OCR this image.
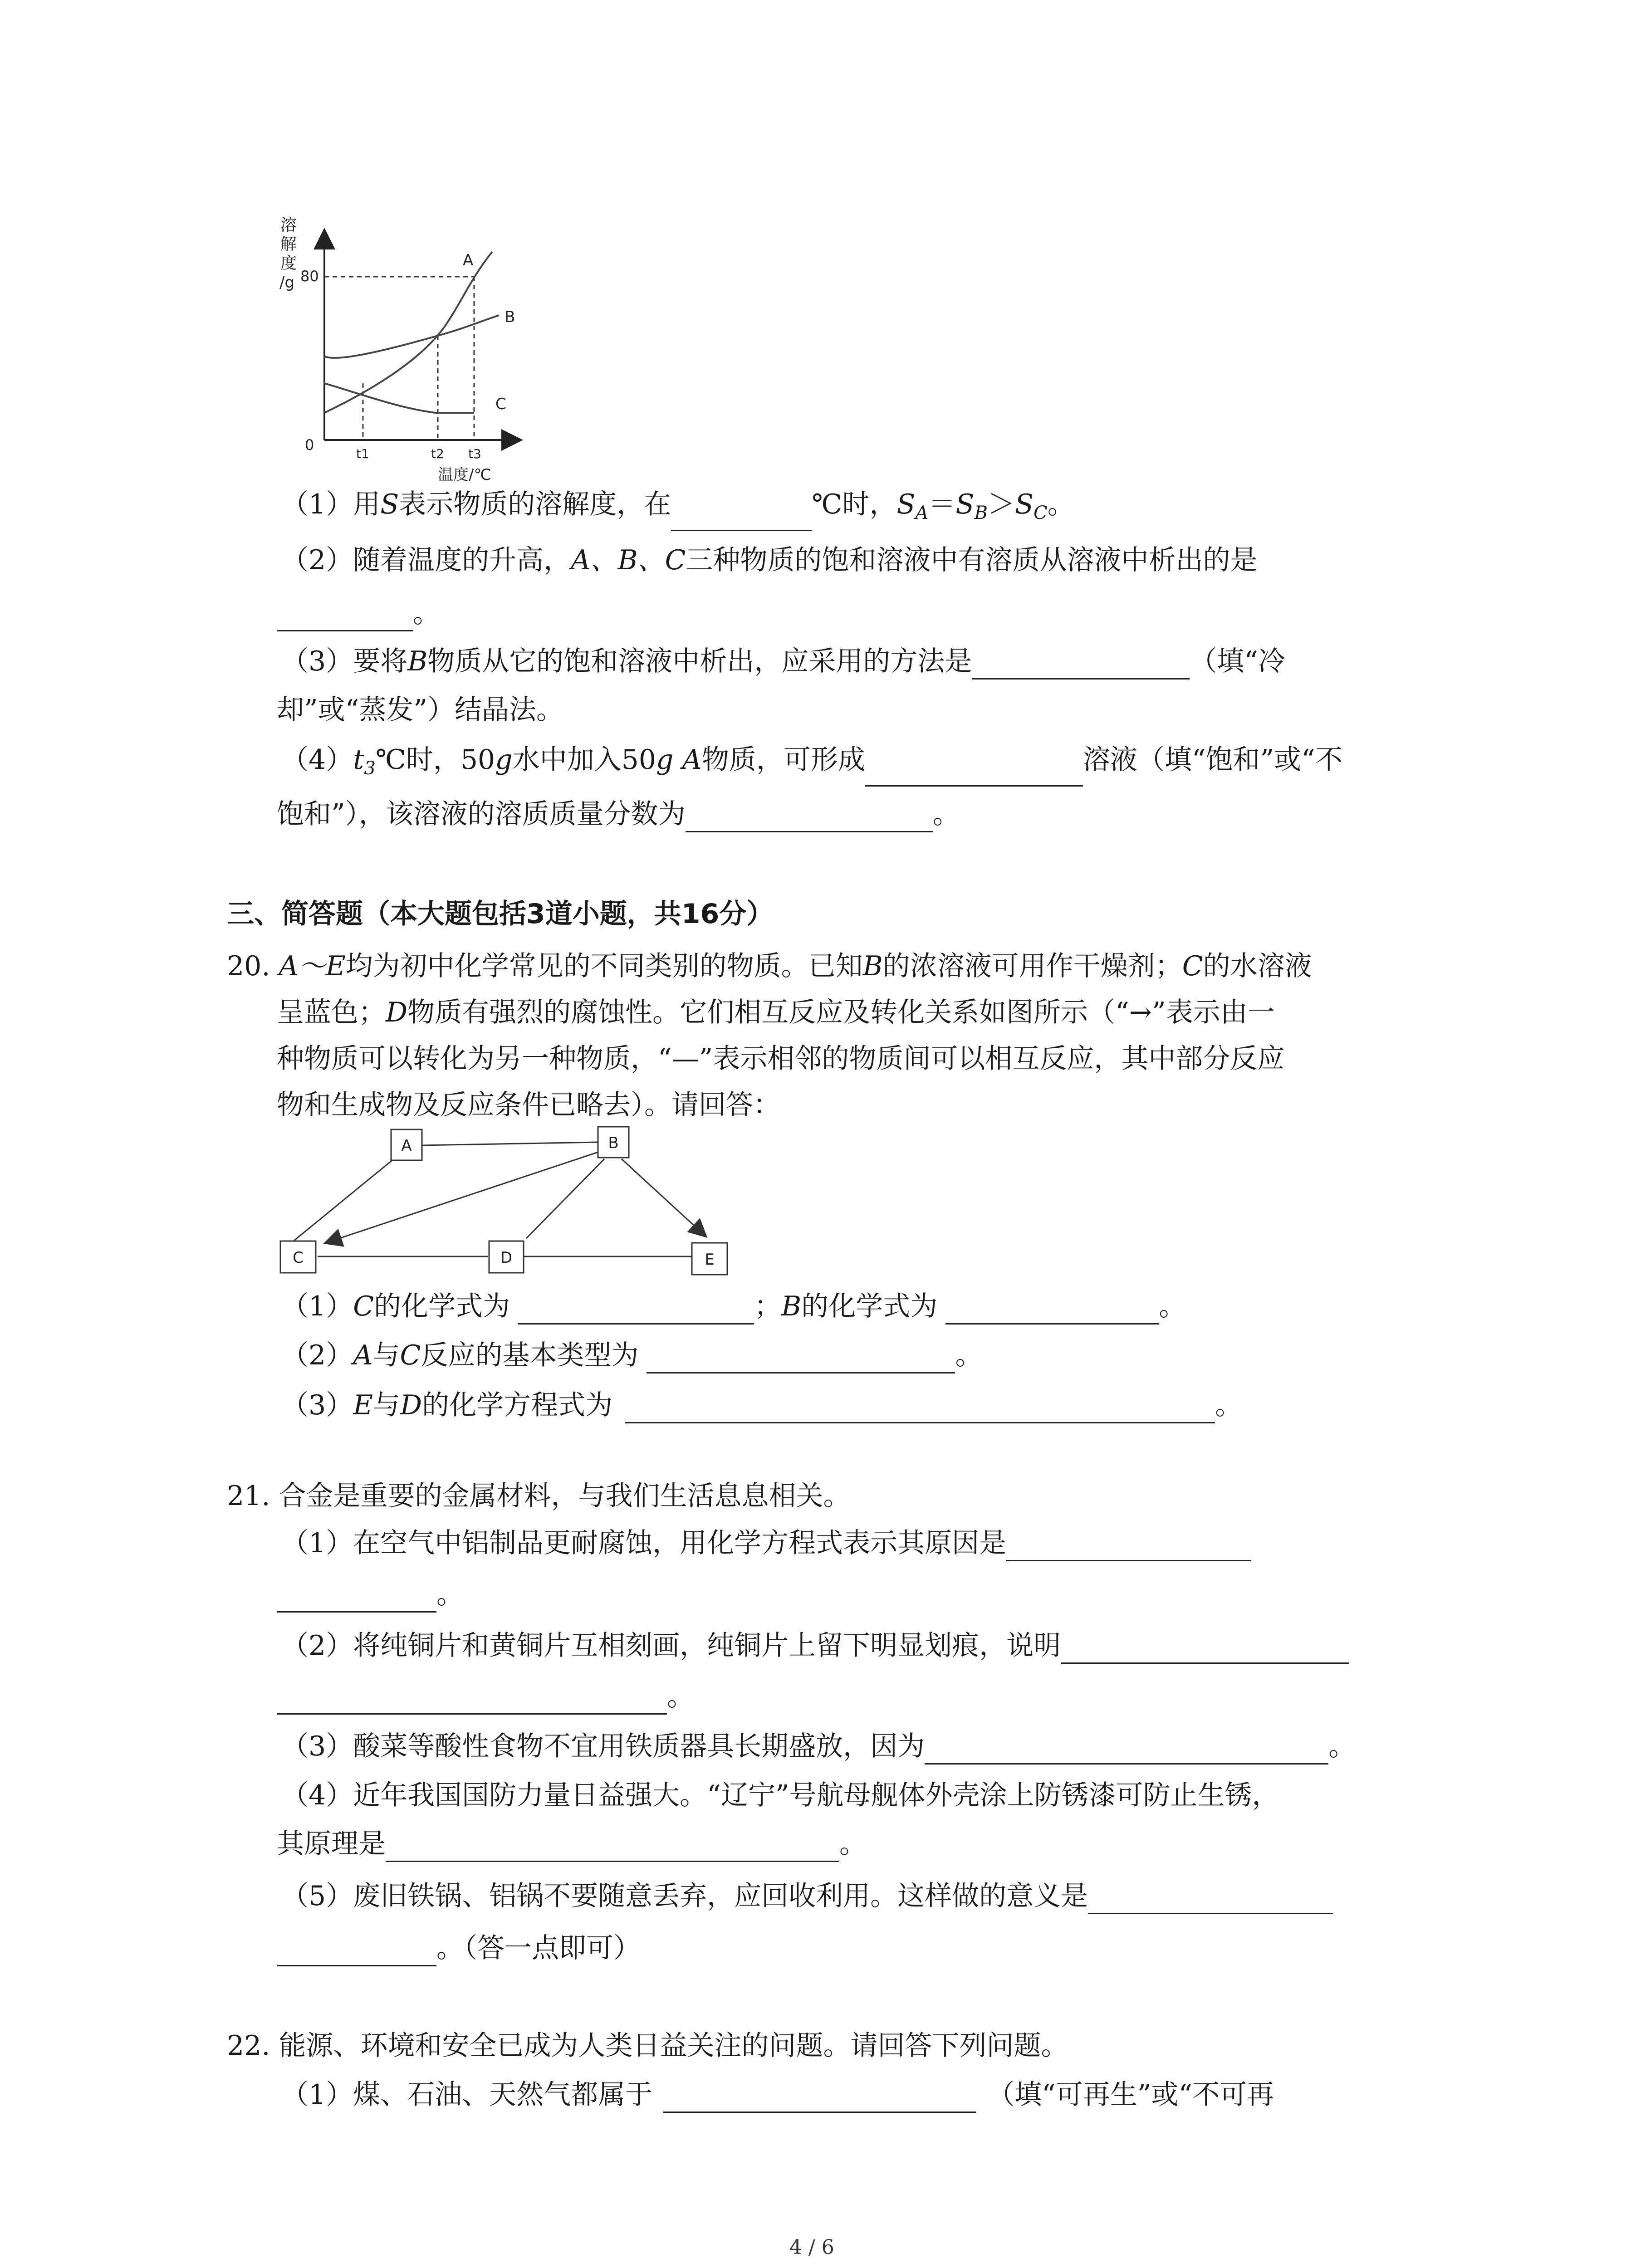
溶
解
度
/g 80
0
A
B
C
t1	t2 t3
温度/℃
（1）用S表示物质的溶解度，在	℃时，$S_A=S_B>S_C$。
（2）随着温度的升高，A、B、C三种物质的饱和溶液中有溶质从溶液中析出的是
。
（3）要将B物质从它的饱和溶液中析出，应采用的方法是	（填“冷
却”或“蒸发”）结晶法。
$(4)t_3℃$时，50g水中加入50g A物质，可形成	溶液（填“饱和”或“不
饱和”），该溶液的溶质质量分数为	。
三、简答题（本大题包括3道小题，共16分）
20. A～E均为初中化学常见的不同类别的物质。已知B的浓溶液可用作干燥剂；C的水溶液
呈蓝色；D物质有强烈的腐蚀性。它们相互反应及转化关系如图所示（“→”表示由一
种物质可以转化为另一种物质，“—”表示相邻的物质间可以相互反应，其中部分反应
物和生成物及反应条件已略去）。请回答：
A	B
C	D	E
（1）C的化学式为	；B的化学式为	。
（2）A与C反应的基本类型为	。
（3）E与D的化学方程式为	。
21. 合金是重要的金属材料，与我们生活息息相关。
（1）在空气中铝制品更耐腐蚀，用化学方程式表示其原因是
。
（2）将纯铜片和黄铜片互相刻画，纯铜片上留下明显划痕，说明
。
（3）酸菜等酸性食物不宜用铁质器具长期盛放，因为	。
（4）近年我国国防力量日益强大。“辽宁”号航母舰体外壳涂上防锈漆可防止生锈，
其原理是	。
（5）废旧铁锅、铝锅不要随意丢弃，应回收利用。这样做的意义是
。（答一点即可）
22. 能源、环境和安全已成为人类日益关注的问题。请回答下列问题。
（1）煤、石油、天然气都属于	（填“可再生”或“不可再
4 / 6
